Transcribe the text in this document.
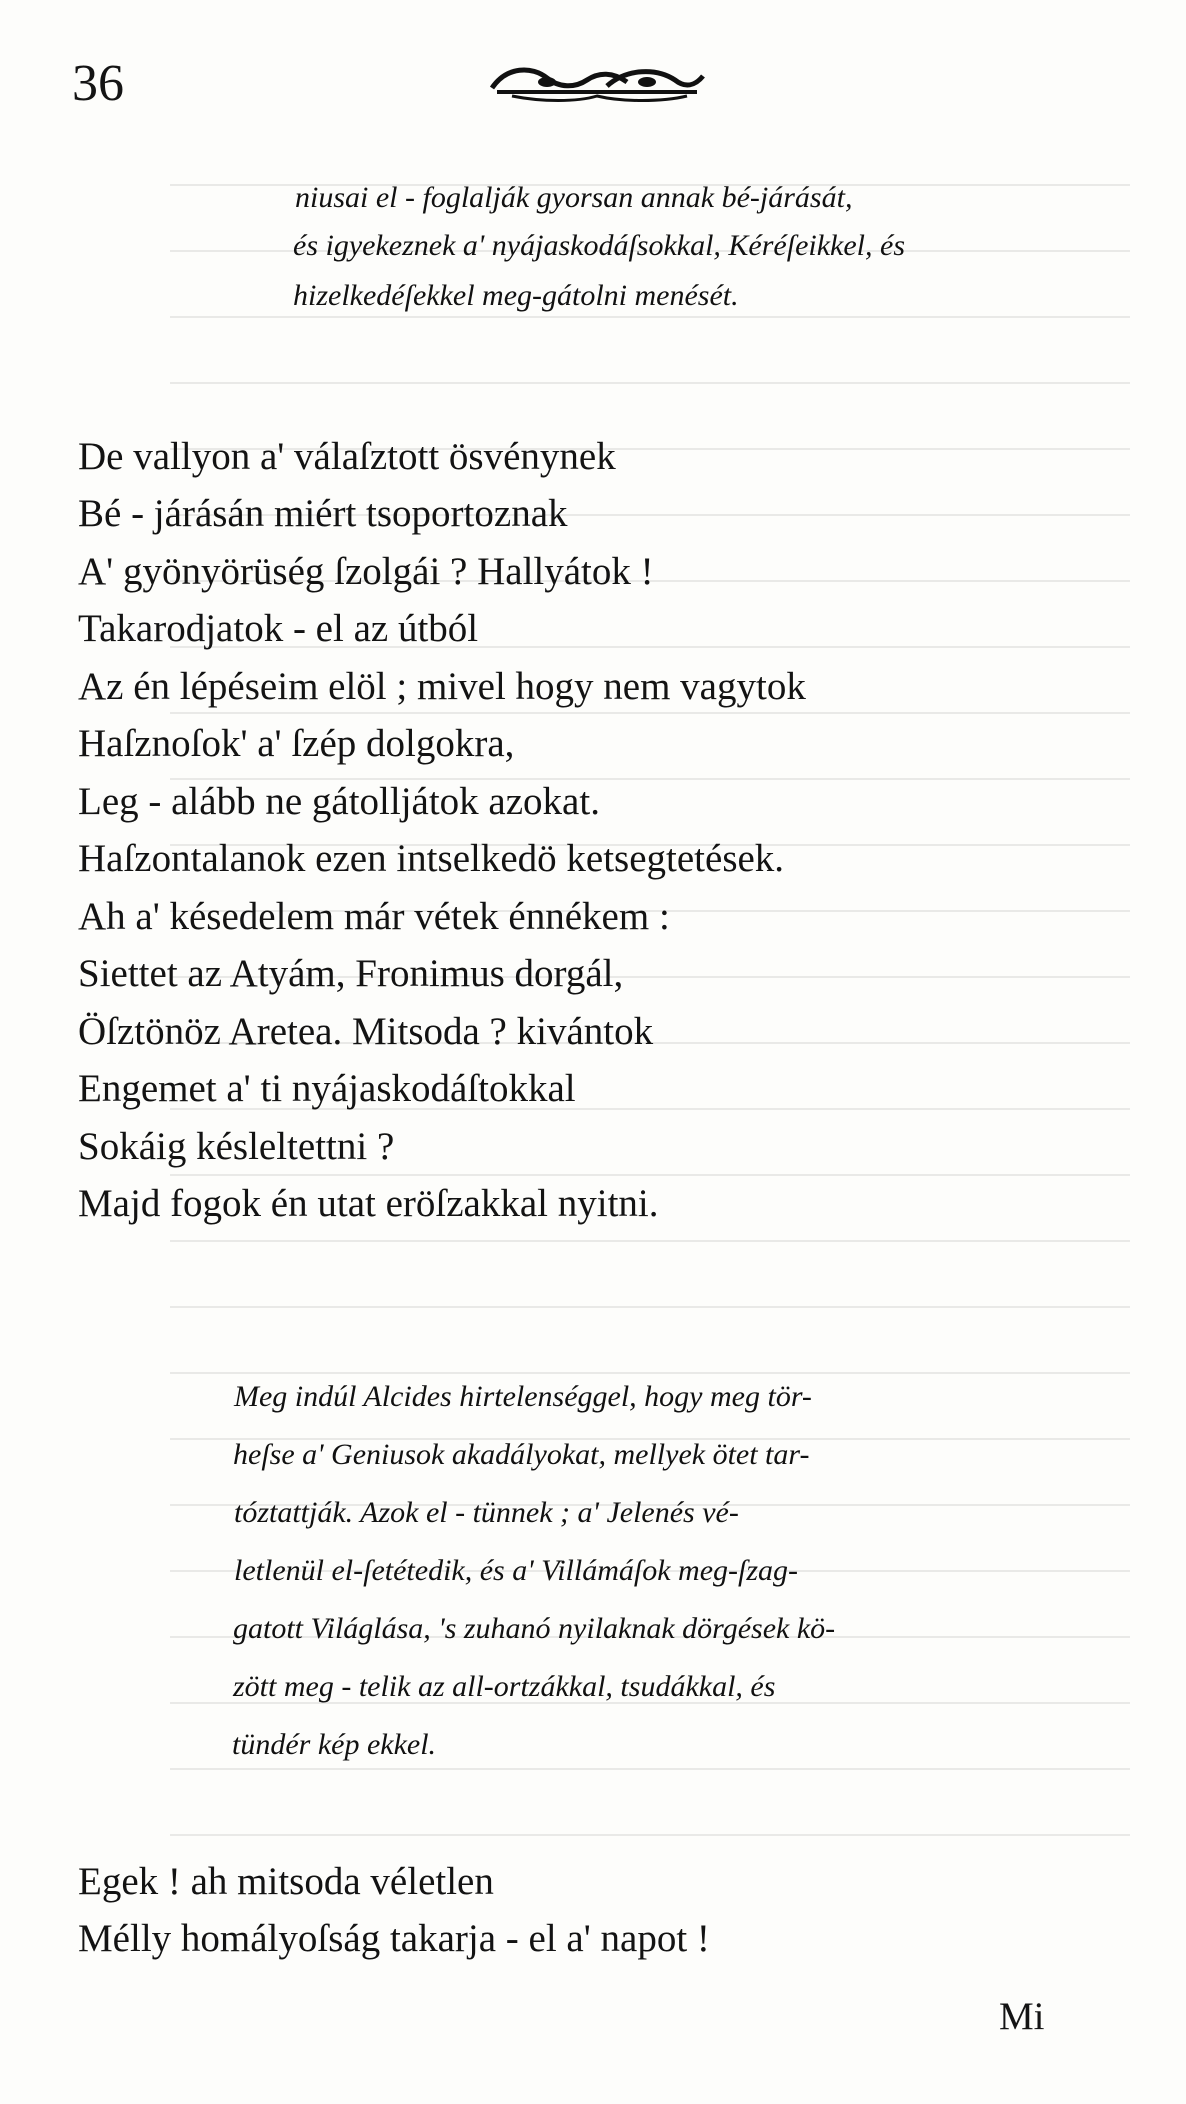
36
niusai el - foglalják gyorsan annak bé-járását,
és igyekeznek a' nyájaskodáſsokkal, Kéréſeikkel, és
hizelkedéſekkel meg-gátolni menését.
De vallyon a' válaſztott ösvénynek
Bé - járásán miért tsoportoznak
A' gyönyörüség ſzolgái ? Hallyátok !
Takarodjatok - el az útból
Az én lépéseim elöl ; mivel hogy nem vagytok
Haſznoſok' a' ſzép dolgokra,
Leg - alább ne gátolljátok azokat.
Haſzontalanok ezen intselkedö ketsegtetések.
Ah a' késedelem már vétek énnékem :
Siettet az Atyám, Fronimus dorgál,
Öſztönöz Aretea. Mitsoda ? kivántok
Engemet a' ti nyájaskodáſtokkal
Sokáig késleltettni ?
Majd fogok én utat eröſzakkal nyitni.
Meg indúl Alcides hirtelenséggel, hogy meg tör-
heſse a' Geniusok akadályokat, mellyek ötet tar-
tóztattják. Azok el - tünnek ; a' Jelenés vé-
letlenül el-ſetétedik, és a' Villámáſok meg-ſzag-
gatott Világlása, 's zuhanó nyilaknak dörgések kö-
zött meg - telik az all-ortzákkal, tsudákkal, és
tündér kép ekkel.
Egek ! ah mitsoda véletlen
Mélly homályoſság takarja - el a' napot !
Mi
